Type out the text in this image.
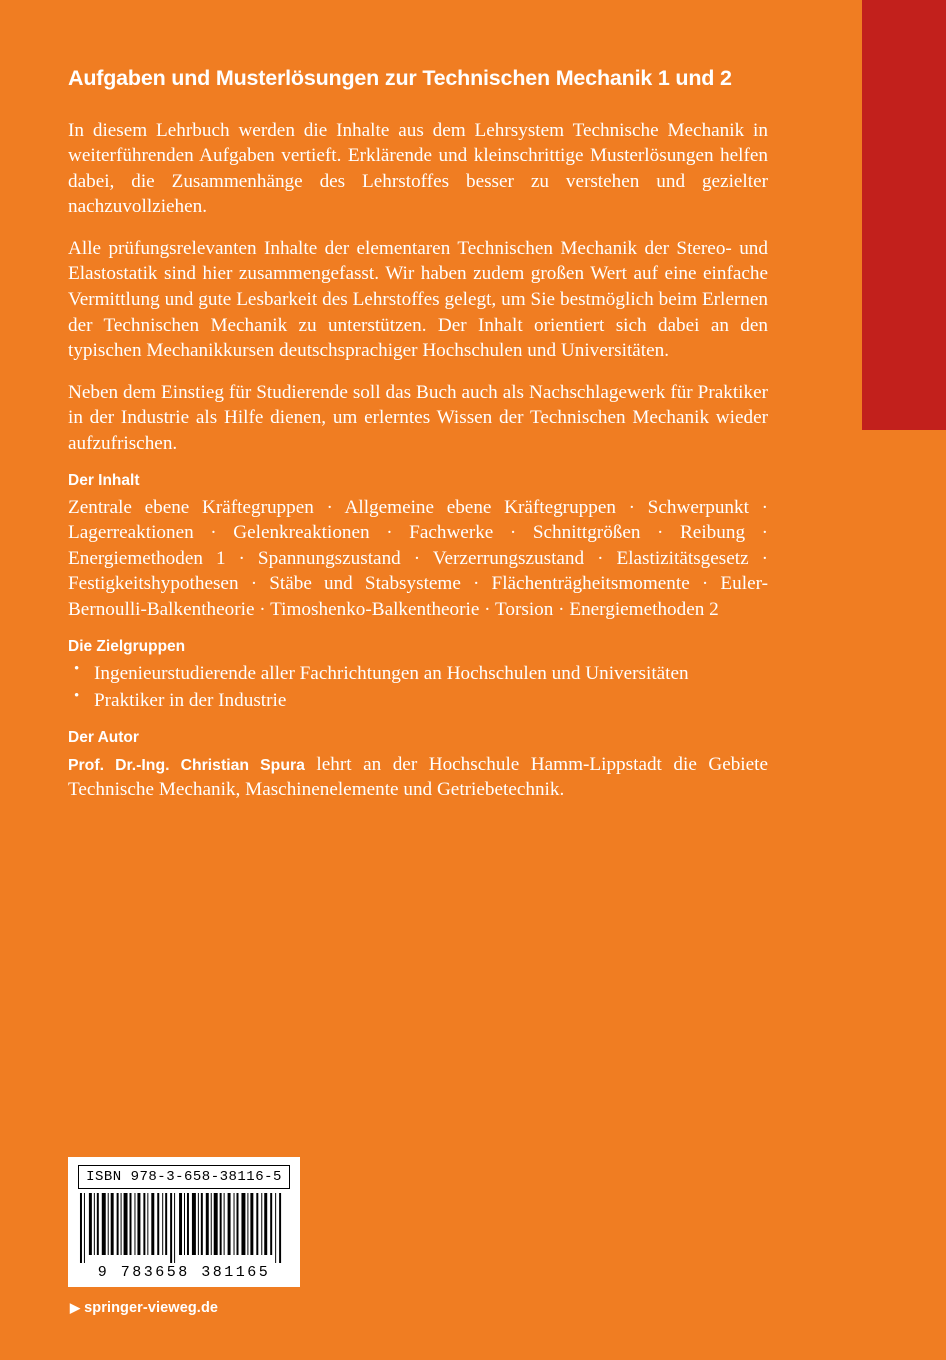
Aufgaben und Musterlösungen zur Technischen Mechanik 1 und 2

In diesem Lehrbuch werden die Inhalte aus dem Lehrsystem Technische Mechanik in weiterführenden Aufgaben vertieft. Erklärende und kleinschrittige Musterlösungen helfen dabei, die Zusammenhänge des Lehrstoffes besser zu verstehen und gezielter nachzuvollziehen.

Alle prüfungsrelevanten Inhalte der elementaren Technischen Mechanik der Stereo- und Elastostatik sind hier zusammengefasst. Wir haben zudem großen Wert auf eine einfache Vermittlung und gute Lesbarkeit des Lehrstoffes gelegt, um Sie bestmöglich beim Erlernen der Technischen Mechanik zu unterstützen. Der Inhalt orientiert sich dabei an den typischen Mechanikkursen deutschsprachiger Hochschulen und Universitäten.

Neben dem Einstieg für Studierende soll das Buch auch als Nachschlagewerk für Praktiker in der Industrie als Hilfe dienen, um erlerntes Wissen der Technischen Mechanik wieder aufzufrischen.

Der Inhalt

Zentrale ebene Kräftegruppen · Allgemeine ebene Kräftegruppen · Schwerpunkt · Lagerreaktionen · Gelenkreaktionen · Fachwerke · Schnittgrößen · Reibung · Energiemethoden 1 · Spannungszustand · Verzerrungszustand · Elastizitätsgesetz · Festigkeitshypothesen · Stäbe und Stabsysteme · Flächenträgheitsmomente · Euler-Bernoulli-Balkentheorie · Timoshenko-Balkentheorie · Torsion · Energiemethoden 2

Die Zielgruppen
• Ingenieurstudierende aller Fachrichtungen an Hochschulen und Universitäten
• Praktiker in der Industrie
Der Autor

Prof. Dr.-Ing. Christian Spura lehrt an der Hochschule Hamm-Lippstadt die Gebiete Technische Mechanik, Maschinenelemente und Getriebetechnik.

ISBN 978-3-658-38116-5
9 783658 381165
▶ springer-vieweg.de
